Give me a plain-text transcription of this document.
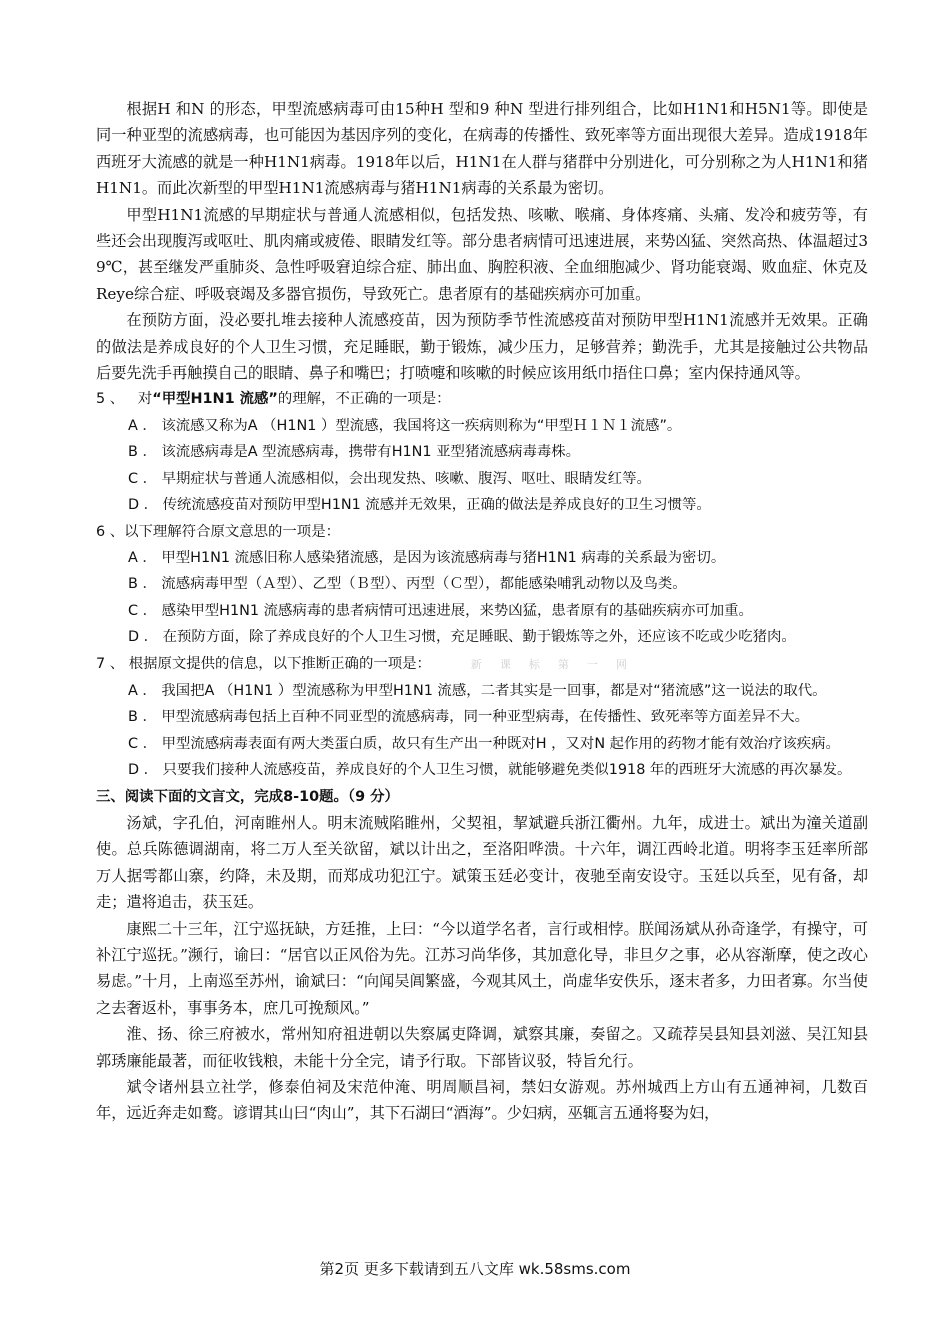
根据H 和N 的形态，甲型流感病毒可由15种H 型和9 种N 型进行排列组合，比如H1N1和H5N1等。即使是同一种亚型的流感病毒，也可能因为基因序列的变化，在病毒的传播性、致死率等方面出现很大差异。造成1918年西班牙大流感的就是一种H1N1病毒。1918年以后，H1N1在人群与猪群中分别进化，可分别称之为人H1N1和猪H1N1。而此次新型的甲型H1N1流感病毒与猪H1N1病毒的关系最为密切。

甲型H1N1流感的早期症状与普通人流感相似，包括发热、咳嗽、喉痛、身体疼痛、头痛、发冷和疲劳等，有些还会出现腹泻或呕吐、肌肉痛或疲倦、眼睛发红等。部分患者病情可迅速进展，来势凶猛、突然高热、体温超过39℃，甚至继发严重肺炎、急性呼吸窘迫综合症、肺出血、胸腔积液、全血细胞减少、肾功能衰竭、败血症、休克及Reye综合症、呼吸衰竭及多器官损伤，导致死亡。患者原有的基础疾病亦可加重。

在预防方面，没必要扎堆去接种人流感疫苗，因为预防季节性流感疫苗对预防甲型H1N1流感并无效果。正确的做法是养成良好的个人卫生习惯，充足睡眠，勤于锻炼，减少压力，足够营养；勤洗手，尤其是接触过公共物品后要先洗手再触摸自己的眼睛、鼻子和嘴巴；打喷嚏和咳嗽的时候应该用纸巾捂住口鼻；室内保持通风等。

5 、 对“甲型H1N1 流感”的理解，不正确的一项是：

A ． 该流感又称为A （H1N1 ）型流感，我国将这一疾病则称为“甲型Ｈ１Ｎ１流感”。

B ． 该流感病毒是A 型流感病毒，携带有H1N1 亚型猪流感病毒毒株。

C ． 早期症状与普通人流感相似，会出现发热、咳嗽、腹泻、呕吐、眼睛发红等。

D ． 传统流感疫苗对预防甲型H1N1 流感并无效果，正确的做法是养成良好的卫生习惯等。

6 、以下理解符合原文意思的一项是：

A ． 甲型H1N1 流感旧称人感染猪流感，是因为该流感病毒与猪H1N1 病毒的关系最为密切。

B ． 流感病毒甲型（Ａ型）、乙型（Ｂ型）、丙型（Ｃ型），都能感染哺乳动物以及鸟类。

C ． 感染甲型H1N1 流感病毒的患者病情可迅速进展，来势凶猛，患者原有的基础疾病亦可加重。

D ． 在预防方面，除了养成良好的个人卫生习惯，充足睡眠、勤于锻炼等之外，还应该不吃或少吃猪肉。

7 、 根据原文提供的信息，以下推断正确的一项是：	新课标第一网

A ． 我国把A （H1N1 ）型流感称为甲型H1N1 流感，二者其实是一回事，都是对“猪流感”这一说法的取代。

B ． 甲型流感病毒包括上百种不同亚型的流感病毒，同一种亚型病毒，在传播性、致死率等方面差异不大。

C ． 甲型流感病毒表面有两大类蛋白质，故只有生产出一种既对H ，又对N 起作用的药物才能有效治疗该疾病。

D ． 只要我们接种人流感疫苗，养成良好的个人卫生习惯，就能够避免类似1918 年的西班牙大流感的再次暴发。

三、阅读下面的文言文，完成8-10题。（9 分）

汤斌，字孔伯，河南睢州人。明末流贼陷睢州，父契祖，挈斌避兵浙江衢州。九年，成进士。斌出为潼关道副使。总兵陈德调湖南，将二万人至关欲留，斌以计出之，至洛阳哗溃。十六年，调江西岭北道。明将李玉廷率所部万人据雩都山寨，约降，未及期，而郑成功犯江宁。斌策玉廷必变计，夜驰至南安设守。玉廷以兵至，见有备，却走；遣将追击，获玉廷。

康熙二十三年，江宁巡抚缺，方廷推，上曰：“今以道学名者，言行或相悖。朕闻汤斌从孙奇逢学，有操守，可补江宁巡抚。”濒行，谕曰：“居官以正风俗为先。江苏习尚华侈，其加意化导，非旦夕之事，必从容渐摩，使之改心易虑。”十月，上南巡至苏州，谕斌曰：“向闻吴阊繁盛，今观其风土，尚虚华安佚乐，逐末者多，力田者寡。尔当使之去奢返朴，事事务本，庶几可挽颓风。”

淮、扬、徐三府被水，常州知府祖进朝以失察属吏降调，斌察其廉，奏留之。又疏荐吴县知县刘滋、吴江知县郭琇廉能最著，而征收钱粮，未能十分全完，请予行取。下部皆议驳，特旨允行。

斌令诸州县立社学，修泰伯祠及宋范仲淹、明周顺昌祠，禁妇女游观。苏州城西上方山有五通神祠，几数百年，远近奔走如鹜。谚谓其山曰“肉山”，其下石湖曰“酒海”。少妇病，巫辄言五通将娶为妇，

第2页 更多下载请到五八文库 wk.58sms.com
